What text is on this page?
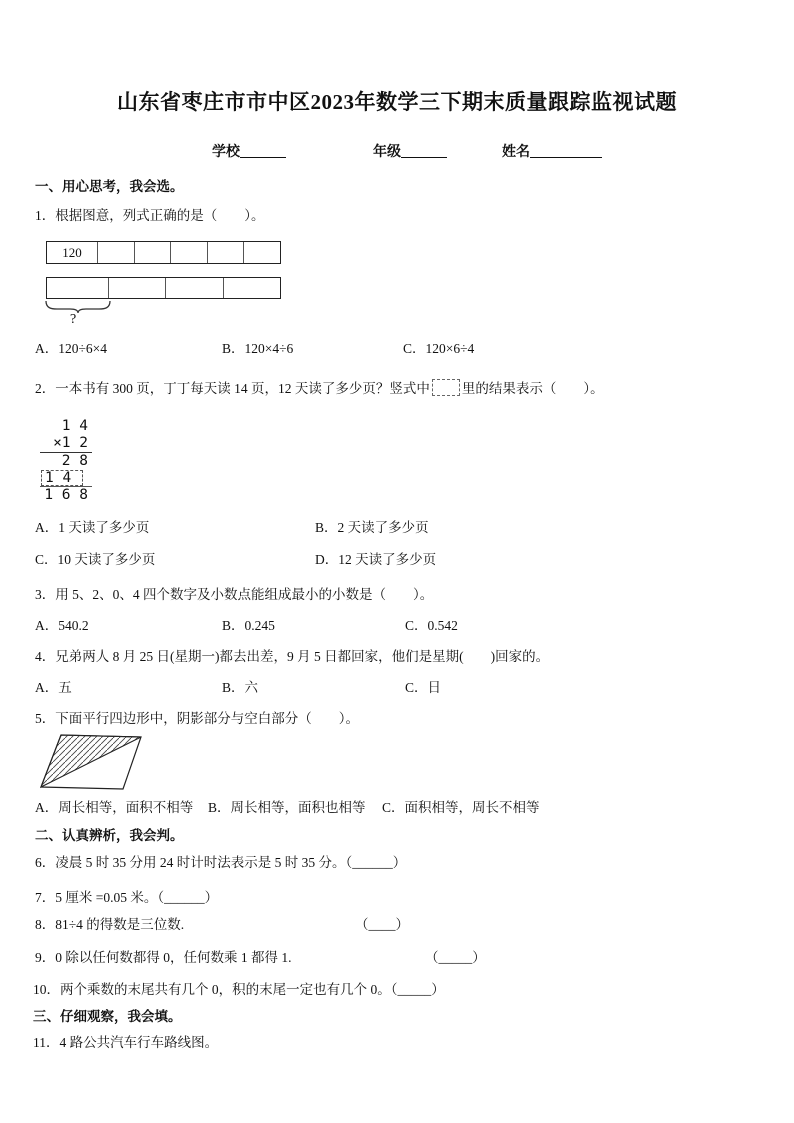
山东省枣庄市市中区2023年数学三下期末质量跟踪监视试题
学校	年级	姓名
一、用心思考，我会选。
1．根据图意，列式正确的是（　　）。
120
?
A．120÷6×4	B．120×4÷6	C．120×6÷4
2．一本书有 300 页，丁丁每天读 14 页，12 天读了多少页？竖式中 里的结果表示（　　）。
1 4
×1 2
2 8
1 4
1 6 8
A．1 天读了多少页	B．2 天读了多少页
C．10 天读了多少页	D．12 天读了多少页
3．用 5、2、0、4 四个数字及小数点能组成最小的小数是（　　）。
A．540.2	B．0.245	C．0.542
4．兄弟两人 8 月 25 日(星期一)都去出差，9 月 5 日都回家，他们是星期(　　)回家的。
A．五	B．六	C．日
5．下面平行四边形中，阴影部分与空白部分（　　）。
A．周长相等，面积不相等 B．周长相等，面积也相等 C．面积相等，周长不相等
二、认真辨析，我会判。
6．凌晨 5 时 35 分用 24 时计时法表示是 5 时 35 分。（______）
7．5 厘米 =0.05 米。（______）
8．81÷4 的得数是三位数.	（____）
9．0 除以任何数都得 0，任何数乘 1 都得 1.	（_____）
10．两个乘数的末尾共有几个 0，积的末尾一定也有几个 0。（_____）
三、仔细观察，我会填。
11．4 路公共汽车行车路线图。
